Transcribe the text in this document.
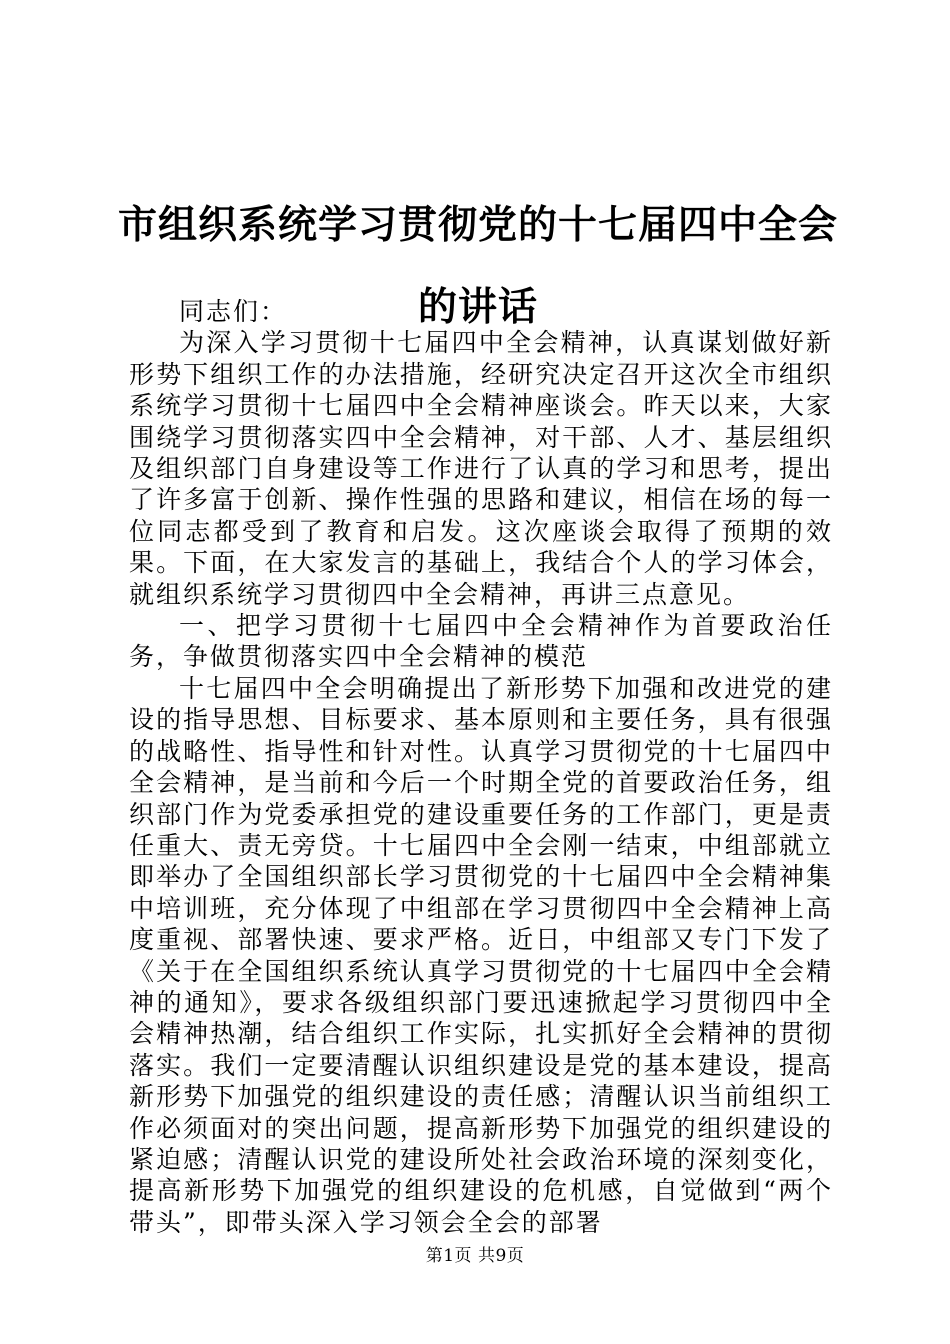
市组织系统学习贯彻党的十七届四中全会的讲话

同志们：

为深入学习贯彻十七届四中全会精神，认真谋划做好新形势下组织工作的办法措施，经研究决定召开这次全市组织系统学习贯彻十七届四中全会精神座谈会。昨天以来，大家围绕学习贯彻落实四中全会精神，对干部、人才、基层组织及组织部门自身建设等工作进行了认真的学习和思考，提出了许多富于创新、操作性强的思路和建议，相信在场的每一位同志都受到了教育和启发。这次座谈会取得了预期的效果。下面，在大家发言的基础上，我结合个人的学习体会，就组织系统学习贯彻四中全会精神，再讲三点意见。

一、把学习贯彻十七届四中全会精神作为首要政治任务，争做贯彻落实四中全会精神的模范

十七届四中全会明确提出了新形势下加强和改进党的建设的指导思想、目标要求、基本原则和主要任务，具有很强的战略性、指导性和针对性。认真学习贯彻党的十七届四中全会精神，是当前和今后一个时期全党的首要政治任务，组织部门作为党委承担党的建设重要任务的工作部门，更是责任重大、责无旁贷。十七届四中全会刚一结束，中组部就立即举办了全国组织部长学习贯彻党的十七届四中全会精神集中培训班，充分体现了中组部在学习贯彻四中全会精神上高度重视、部署快速、要求严格。近日，中组部又专门下发了《关于在全国组织系统认真学习贯彻党的十七届四中全会精神的通知》，要求各级组织部门要迅速掀起学习贯彻四中全会精神热潮，结合组织工作实际，扎实抓好全会精神的贯彻落实。我们一定要清醒认识组织建设是党的基本建设，提高新形势下加强党的组织建设的责任感；清醒认识当前组织工作必须面对的突出问题，提高新形势下加强党的组织建设的紧迫感；清醒认识党的建设所处社会政治环境的深刻变化，提高新形势下加强党的组织建设的危机感，自觉做到“两个带头”，即带头深入学习领会全会的部署

第1页 共9页
